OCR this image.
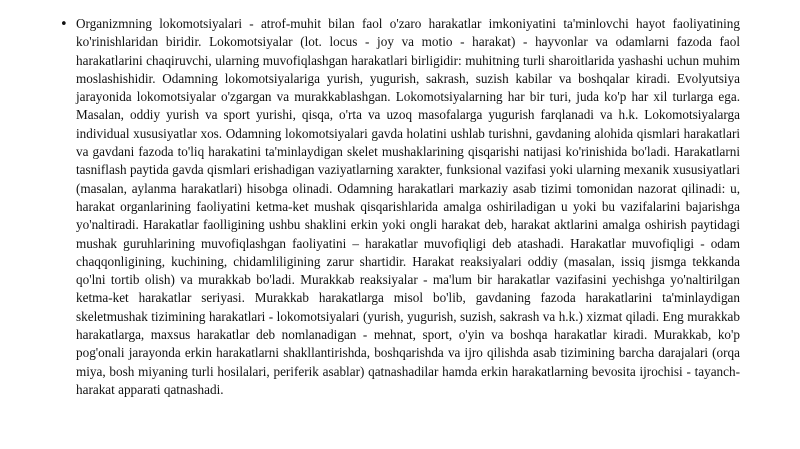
• Organizmning lokomotsiyalari - atrof-muhit bilan faol o'zaro harakatlar imkoniyatini ta'minlovchi hayot faoliyatining ko'rinishlaridan biridir. Lokomotsiyalar (lot. locus - joy va motio - harakat) - hayvonlar va odamlarni fazoda faol harakatlarini chaqiruvchi, ularning muvofiqlashgan harakatlari birligidir: muhitning turli sharoitlarida yashashi uchun muhim moslashishidir. Odamning lokomotsiyalariga yurish, yugurish, sakrash, suzish kabilar va boshqalar kiradi. Evolyutsiya jarayonida lokomotsiyalar o'zgargan va murakkablashgan. Lokomotsiyalarning har bir turi, juda ko'p har xil turlarga ega. Masalan, oddiy yurish va sport yurishi, qisqa, o'rta va uzoq masofalarga yugurish farqlanadi va h.k. Lokomotsiyalarga individual xususiyatlar xos. Odamning lokomotsiyalari gavda holatini ushlab turishni, gavdaning alohida qismlari harakatlari va gavdani fazoda to'liq harakatini ta'minlaydigan skelet mushaklarining qisqarishi natijasi ko'rinishida bo'ladi. Harakatlarni tasniflash paytida gavda qismlari erishadigan vaziyatlarning xarakter, funksional vazifasi yoki ularning mexanik xususiyatlari (masalan, aylanma harakatlari) hisobga olinadi. Odamning harakatlari markaziy asab tizimi tomonidan nazorat qilinadi: u, harakat organlarining faoliyatini ketma-ket mushak qisqarishlarida amalga oshiriladigan u yoki bu vazifalarini bajarishga yo'naltiradi. Harakatlar faolligining ushbu shaklini erkin yoki ongli harakat deb, harakat aktlarini amalga oshirish paytidagi mushak guruhlarining muvofiqlashgan faoliyatini – harakatlar muvofiqligi deb atashadi. Harakatlar muvofiqligi - odam chaqqonligining, kuchining, chidamliligining zarur shartidir. Harakat reaksiyalari oddiy (masalan, issiq jismga tekkanda qo'lni tortib olish) va murakkab bo'ladi. Murakkab reaksiyalar - ma'lum bir harakatlar vazifasini yechishga yo'naltirilgan ketma-ket harakatlar seriyasi. Murakkab harakatlarga misol bo'lib, gavdaning fazoda harakatlarini ta'minlaydigan skeletmushak tizimining harakatlari - lokomotsiyalari (yurish, yugurish, suzish, sakrash va h.k.) xizmat qiladi. Eng murakkab harakatlarga, maxsus harakatlar deb nomlanadigan - mehnat, sport, o'yin va boshqa harakatlar kiradi. Murakkab, ko'p pog'onali jarayonda erkin harakatlarni shakllantirishda, boshqarishda va ijro qilishda asab tizimining barcha darajalari (orqa miya, bosh miyaning turli hosilalari, periferik asablar) qatnashadilar hamda erkin harakatlarning bevosita ijrochisi - tayanch-harakat apparati qatnashadi.
